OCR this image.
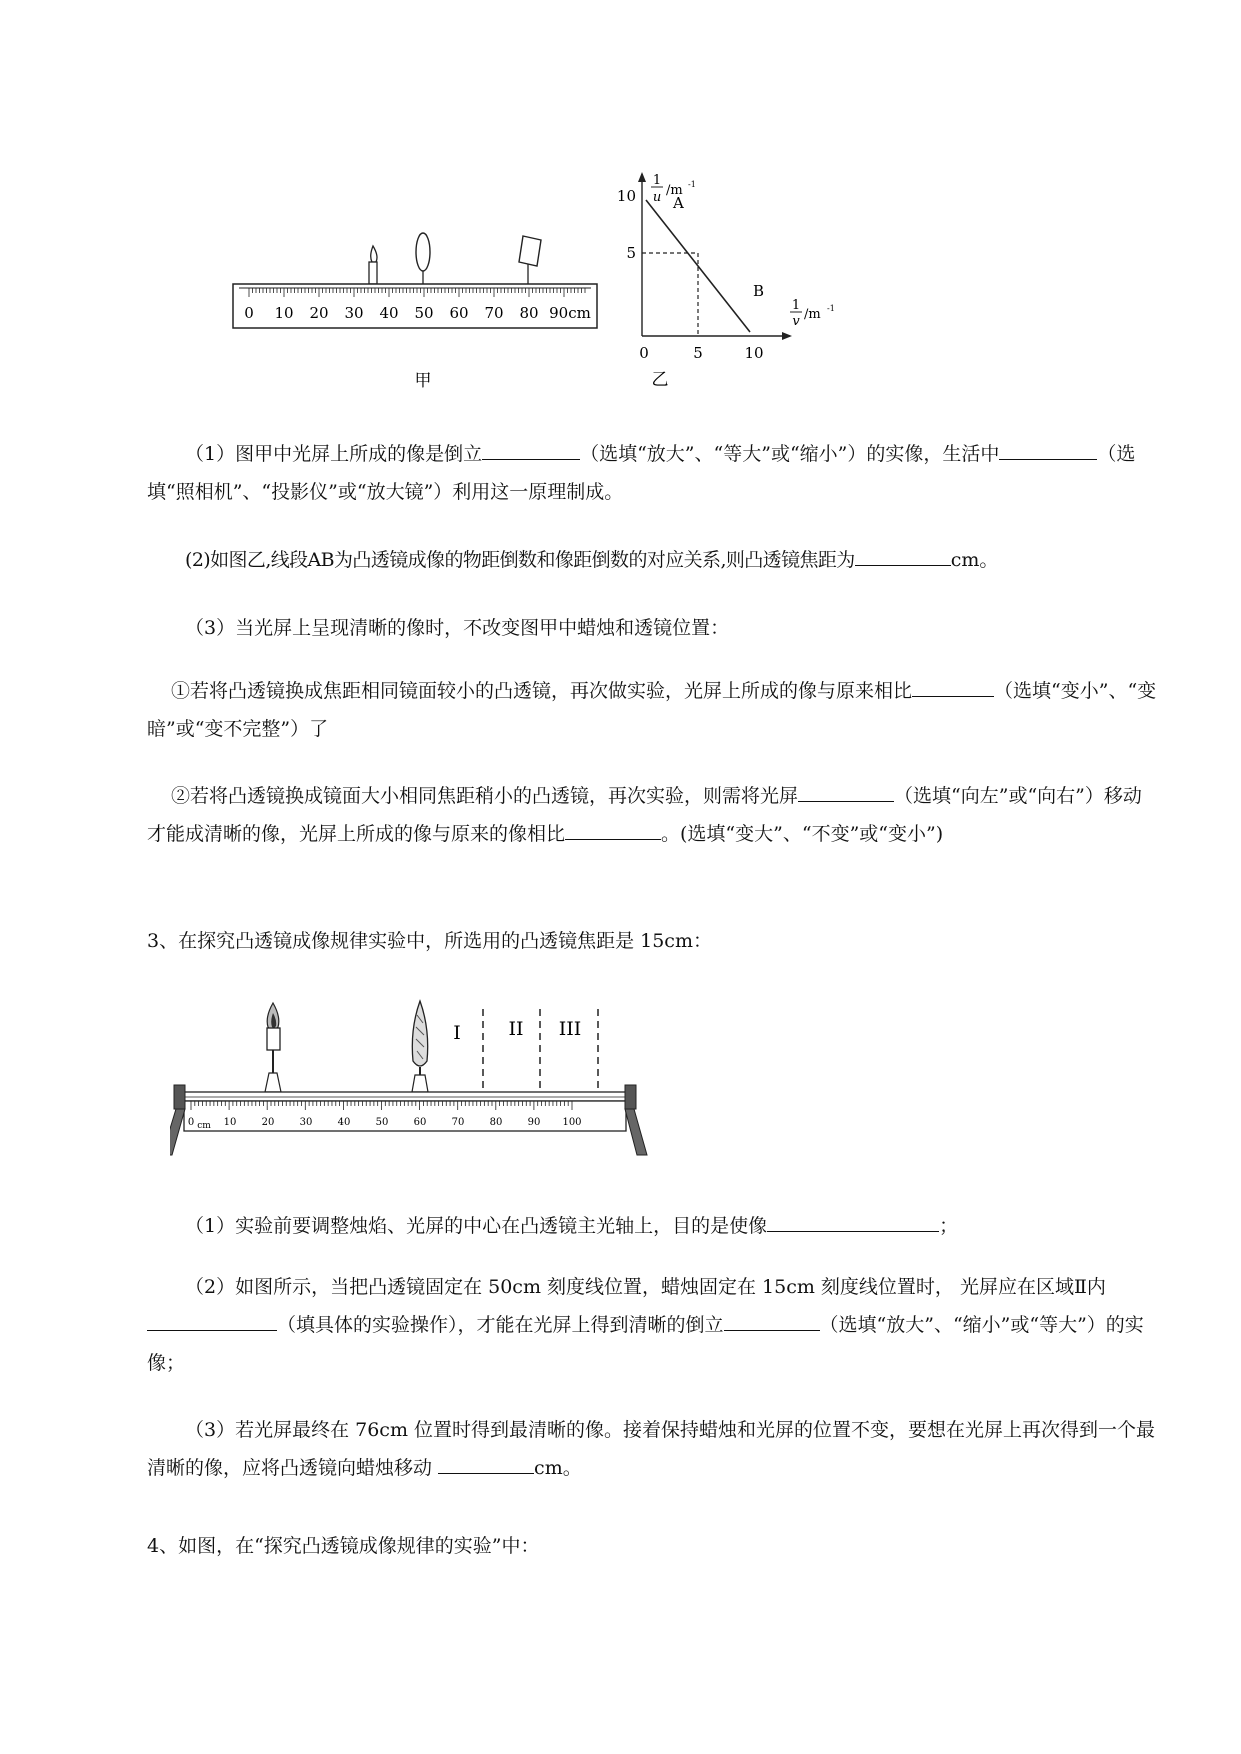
0 10 20 30 40 50 60 70 80 90cm
甲
1
u /m -1
1
v /m -1
10
5
0	5	10
A
B
乙

（1）图甲中光屏上所成的像是倒立	（选填“放大”、“等大”或“缩小”）的实像，生活中	（选填“照相机”、“投影仪”或“放大镜”）利用这一原理制成。

(2)如图乙,线段AB为凸透镜成像的物距倒数和像距倒数的对应关系,则凸透镜焦距为	cm。

（3）当光屏上呈现清晰的像时，不改变图甲中蜡烛和透镜位置：

①若将凸透镜换成焦距相同镜面较小的凸透镜，再次做实验，光屏上所成的像与原来相比	（选填“变小”、“变暗”或“变不完整”）了

②若将凸透镜换成镜面大小相同焦距稍小的凸透镜，再次实验，则需将光屏	（选填“向左”或“向右”）移动才能成清晰的像，光屏上所成的像与原来的像相比	。(选填“变大”、“不变”或“变小”)

3、在探究凸透镜成像规律实验中，所选用的凸透镜焦距是 15cm：

I	II III
0 cm 10	20	30	40	50	60	70	80	90 100

（1）实验前要调整烛焰、光屏的中心在凸透镜主光轴上，目的是使像	；

（2）如图所示，当把凸透镜固定在 50cm 刻度线位置，蜡烛固定在 15cm 刻度线位置时， 光屏应在区域Ⅱ内 （填具体的实验操作），才能在光屏上得到清晰的倒立	（选填“放大”、“缩小”或“等大”）的实像；

（3）若光屏最终在 76cm 位置时得到最清晰的像。接着保持蜡烛和光屏的位置不变，要想在光屏上再次得到一个最清晰的像，应将凸透镜向蜡烛移动	cm。

4、如图，在“探究凸透镜成像规律的实验”中：
